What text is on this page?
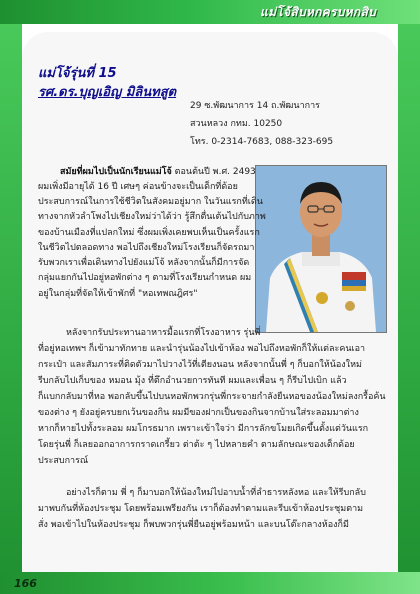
แม่โจ้สิบหกครบหกสิบ
แม่โจ้รุ่นที่ 15
รศ.ดร.บุญเอิญ มิลินทสูต
29 ซ.พัฒนาการ 14 ถ.พัฒนาการ
สวนหลวง กทม. 10250
โทร. 0-2314-7683, 088-323-695
สมัยที่ผมไปเป็นนักเรียนแม่โจ้ ตอนต้นปี พ.ศ. 2493
ผมเพิ่งมีอายุได้ 16 ปี เศษๆ ค่อนข้างจะเป็นเด็กที่ด้อย
ประสบการณ์ในการใช้ชีวิตในสังคมอยู่มาก ในวันแรกที่เดิน
ทางจากหัวลำโพงไปเชียงใหม่ว่าได้ว่า รู้สึกตื่นเต้นไปกับภาพ
ของบ้านเมืองที่แปลกใหม่ ซึ่งผมเพิ่งเคยพบเห็นเป็นครั้งแรก
ในชีวิตไปตลอดทาง พอไปถึงเชียงใหม่โรงเรียนก็จัดรถมา
รับพวกเราเพื่อเดินทางไปยังแม่โจ้ หลังจากนั้นก็มีการจัด
กลุ่มแยกกันไปอยู่หอพักต่าง ๆ ตามที่โรงเรียนกำหนด ผม
อยู่ในกลุ่มที่จัดให้เข้าพักที่ "หอเทพณฎิศร"
หลังจากรับประทานอาหารมื้อแรกที่โรงอาหาร รุ่นพี่
ที่อยู่หอเทพฯ ก็เข้ามาทักทาย และนำรุ่นน้องไปเข้าห้อง พอไปถึงหอพักก็ให้แต่ละคนเอา
กระเป๋า และสัมภาระที่ติดตัวมาไปวางไว้ที่เตียงนอน หลังจากนั้นพี่ ๆ ก็บอกให้น้องใหม่
รีบกลับไปเก็บของ หมอน มุ้ง ที่ตึกอำนวยการทันที ผมและเพื่อน ๆ ก็รีบไปเบิก แล้ว
ก็แบกกลับมาที่หอ พอกลับขึ้นไปบนหอพักพวกรุ่นพี่กระจายกำลังยืนหอของน้องใหม่ลงกรื้อค้น
ของต่าง ๆ ยังอยู่ครบยกเว้นของกิน ผมมีของฝากเป็นของกินจากบ้านใส่ระลอมมาต่าง
หากก็หายไปทั้งระลอม ผมโกรธมาก เพราะเข้าใจว่า มีการลักขโมยเกิดขึ้นตั้งแต่วันแรก
โดยรุ่นพี่ ก็เลยออกอาการกราดเกรี้ยว ต่าต้ะ ๆ ไปหลายคำ ตามลักษณะของเด็กด้อย
ประสบการณ์
อย่างไรก็ตาม พี่ ๆ ก็มาบอกให้น้องใหม่ไปอาบน้ำที่ลำธารหลังหอ และให้รีบกลับ
มาพบกันที่ห้องประชุม โดยพร้อมเพรียงกัน เราก็ต้องทำตามและรีบเข้าห้องประชุมตาม
สั่ง พอเข้าไปในห้องประชุม ก็พบพวกรุ่นพี่ยืนอยู่พร้อมหน้า และบนโต๊ะกลางห้องก็มี
166
